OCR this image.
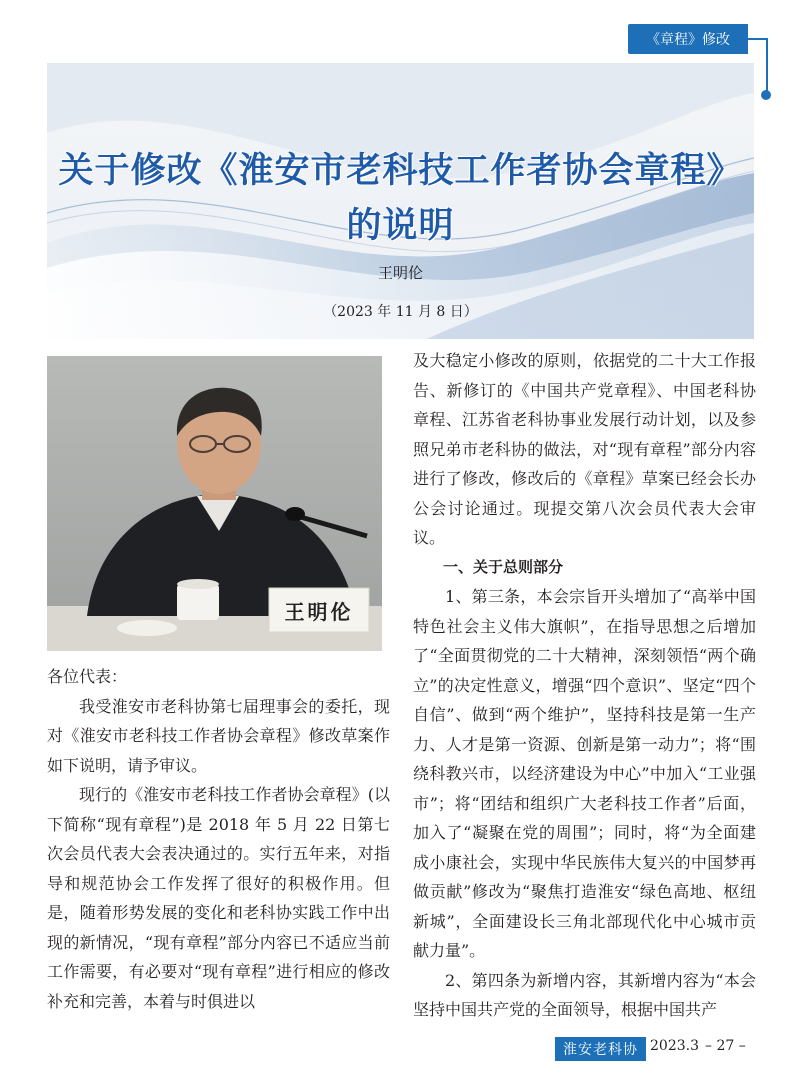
《章程》修改
关于修改《淮安市老科技工作者协会章程》
的说明
王明伦
（2023 年 11 月 8 日）
王明伦

各位代表：

我受淮安市老科协第七届理事会的委托，现对《淮安市老科技工作者协会章程》修改草案作如下说明，请予审议。

现行的《淮安市老科技工作者协会章程》(以下简称“现有章程”)是 2018 年 5 月 22 日第七次会员代表大会表决通过的。实行五年来，对指导和规范协会工作发挥了很好的积极作用。但是，随着形势发展的变化和老科协实践工作中出现的新情况，“现有章程”部分内容已不适应当前工作需要，有必要对“现有章程”进行相应的修改补充和完善，本着与时俱进以

及大稳定小修改的原则，依据党的二十大工作报告、新修订的《中国共产党章程》、中国老科协章程、江苏省老科协事业发展行动计划，以及参照兄弟市老科协的做法，对“现有章程”部分内容进行了修改，修改后的《章程》草案已经会长办公会讨论通过。现提交第八次会员代表大会审议。

一、关于总则部分

1、第三条，本会宗旨开头增加了“高举中国特色社会主义伟大旗帜”，在指导思想之后增加了“全面贯彻党的二十大精神，深刻领悟“两个确立”的决定性意义，增强“四个意识”、坚定“四个自信”、做到“两个维护”，坚持科技是第一生产力、人才是第一资源、创新是第一动力”；将“围绕科教兴市，以经济建设为中心”中加入“工业强市”；将“团结和组织广大老科技工作者”后面，加入了“凝聚在党的周围”；同时，将“为全面建成小康社会，实现中华民族伟大复兴的中国梦再做贡献”修改为“聚焦打造淮安“绿色高地、枢纽新城”，全面建设长三角北部现代化中心城市贡献力量”。

2、第四条为新增内容，其新增内容为“本会坚持中国共产党的全面领导，根据中国共产

淮安老科协 2023.3 – 27 –
